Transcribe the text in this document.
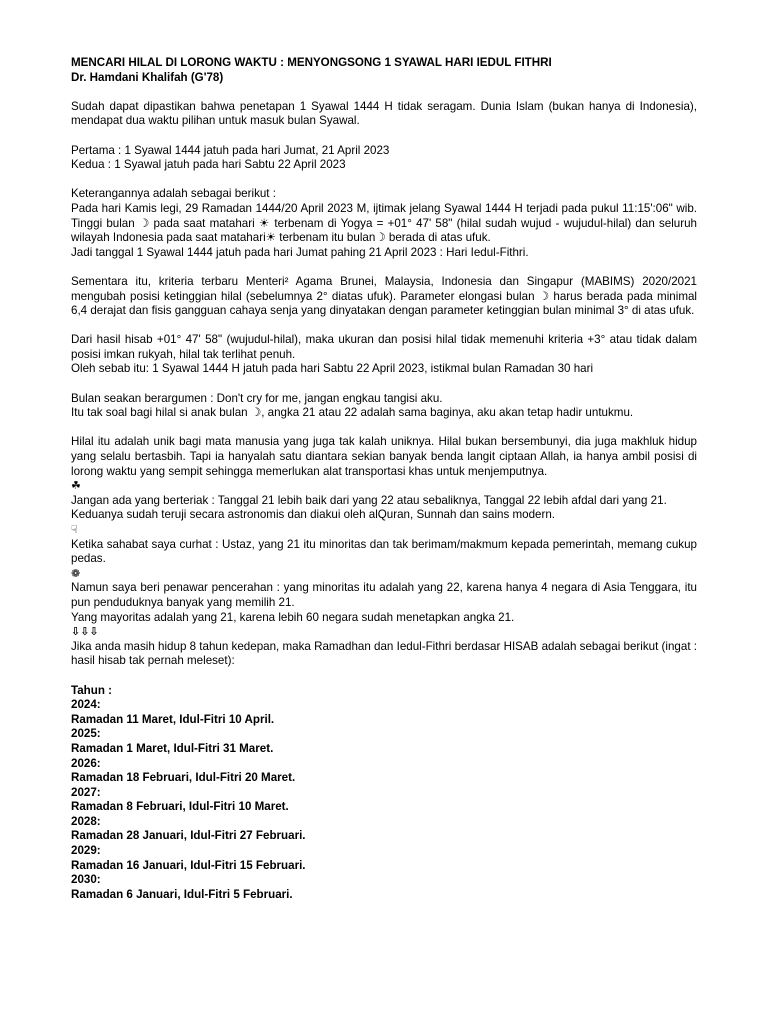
MENCARI HILAL DI LORONG WAKTU : MENYONGSONG 1 SYAWAL HARI IEDUL FITHRI

Dr. Hamdani Khalifah (G'78)

Sudah dapat dipastikan bahwa penetapan 1 Syawal 1444 H tidak seragam. Dunia Islam (bukan hanya di Indonesia), mendapat dua waktu pilihan untuk masuk bulan Syawal.

Pertama : 1 Syawal 1444 jatuh pada hari Jumat, 21 April 2023

Kedua : 1 Syawal jatuh pada hari Sabtu 22 April 2023

Keterangannya adalah sebagai berikut :

Pada hari Kamis legi, 29 Ramadan 1444/20 April 2023 M, ijtimak jelang Syawal 1444 H terjadi pada pukul 11:15':06" wib. Tinggi bulan ☽ pada saat matahari ☀ terbenam di Yogya = +01° 47' 58" (hilal sudah wujud - wujudul-hilal) dan seluruh wilayah Indonesia pada saat matahari☀ terbenam itu bulan☽ berada di atas ufuk.

Jadi tanggal 1 Syawal 1444 jatuh pada hari Jumat pahing 21 April 2023 : Hari Iedul-Fithri.

Sementara itu, kriteria terbaru Menteri² Agama Brunei, Malaysia, Indonesia dan Singapur (MABIMS) 2020/2021 mengubah posisi ketinggian hilal (sebelumnya 2° diatas ufuk). Parameter elongasi bulan ☽ harus berada pada minimal 6,4 derajat dan fisis gangguan cahaya senja yang dinyatakan dengan parameter ketinggian bulan minimal 3° di atas ufuk.

Dari hasil hisab +01° 47' 58" (wujudul-hilal), maka ukuran dan posisi hilal tidak memenuhi kriteria +3° atau tidak dalam posisi imkan rukyah, hilal tak terlihat penuh.

Oleh sebab itu: 1 Syawal 1444 H jatuh pada hari Sabtu 22 April 2023, istikmal bulan Ramadan 30 hari

Bulan seakan berargumen : Don't cry for me, jangan engkau tangisi aku.

Itu tak soal bagi hilal si anak bulan ☽, angka 21 atau 22 adalah sama baginya, aku akan tetap hadir untukmu.

Hilal itu adalah unik bagi mata manusia yang juga tak kalah uniknya. Hilal bukan bersembunyi, dia juga makhluk hidup yang selalu bertasbih. Tapi ia hanyalah satu diantara sekian banyak benda langit ciptaan Allah, ia hanya ambil posisi di lorong waktu yang sempit sehingga memerlukan alat transportasi khas untuk menjemputnya.

☘

Jangan ada yang berteriak : Tanggal 21 lebih baik dari yang 22 atau sebaliknya, Tanggal 22 lebih afdal dari yang 21.

Keduanya sudah teruji secara astronomis dan diakui oleh alQuran, Sunnah dan sains modern.

☟

Ketika sahabat saya curhat : Ustaz, yang 21 itu minoritas dan tak berimam/makmum kepada pemerintah, memang cukup pedas.

❁

Namun saya beri penawar pencerahan : yang minoritas itu adalah yang 22, karena hanya 4 negara di Asia Tenggara, itu pun penduduknya banyak yang memilih 21.

Yang mayoritas adalah yang 21, karena lebih 60 negara sudah menetapkan angka 21.

⇩⇩⇩

Jika anda masih hidup 8 tahun kedepan, maka Ramadhan dan Iedul-Fithri berdasar HISAB adalah sebagai berikut (ingat : hasil hisab tak pernah meleset):

Tahun :

2024:

Ramadan 11 Maret, Idul-Fitri 10 April.

2025:

Ramadan 1 Maret, Idul-Fitri 31 Maret.

2026:

Ramadan 18 Februari, Idul-Fitri 20 Maret.

2027:

Ramadan 8 Februari, Idul-Fitri 10 Maret.

2028:

Ramadan 28 Januari, Idul-Fitri 27 Februari.

2029:

Ramadan 16 Januari, Idul-Fitri 15 Februari.

2030:

Ramadan 6 Januari, Idul-Fitri 5 Februari.
